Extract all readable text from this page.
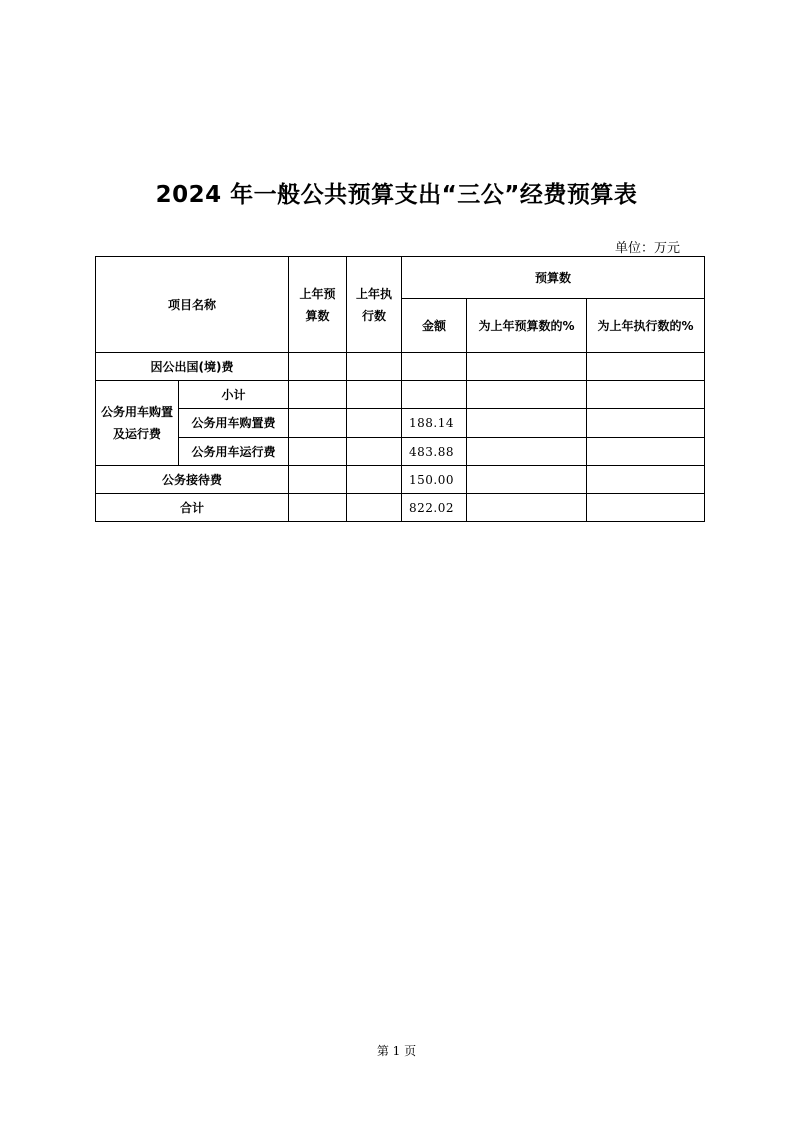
2024 年一般公共预算支出“三公”经费预算表
单位：万元
项目名称		上年预算数	上年执行数	预算数		
				金额	为上年预算数的%	为上年执行数的%
因公出国(境)费						

公务用车购置及运行费	小计					
	公务用车购置费			188.14		
	公务用车运行费			483.88		
公务接待费				150.00		
合计				822.02		
第 1 页
